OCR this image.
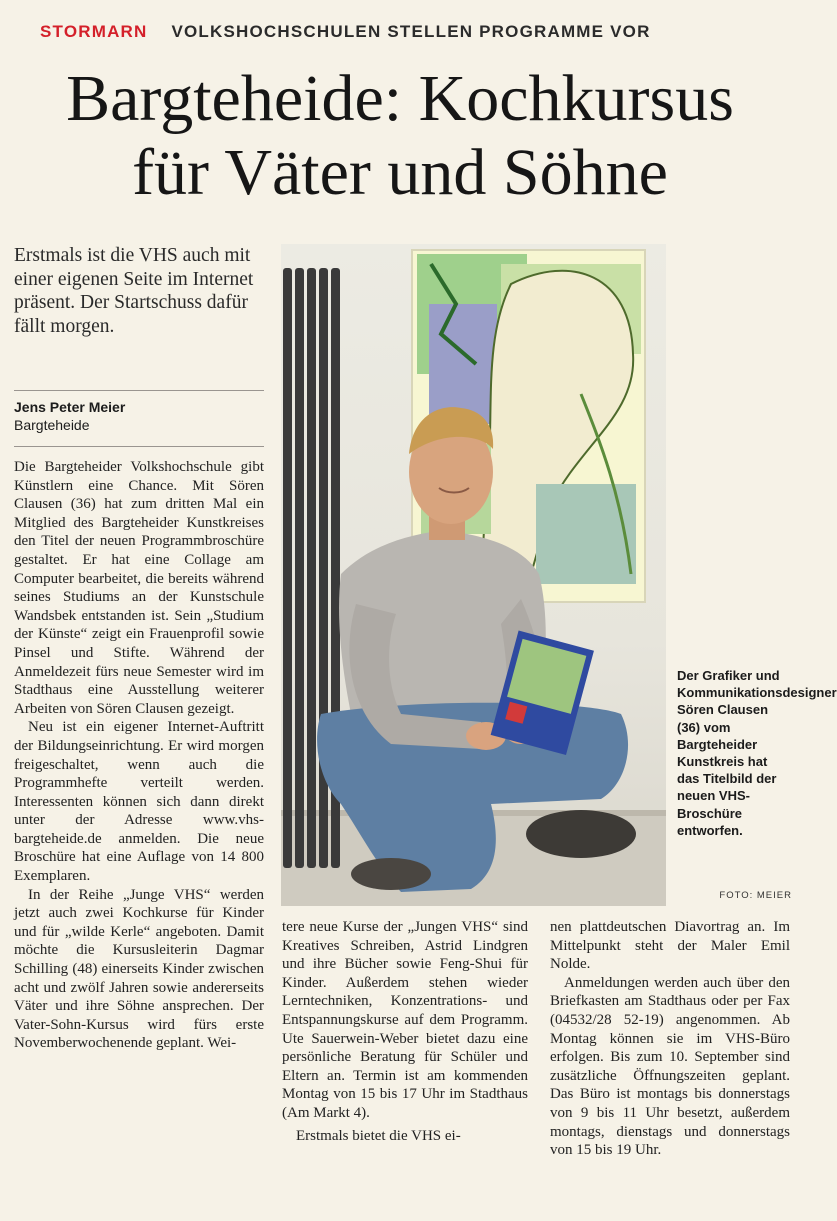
STORMARN VOLKSHOCHSCHULEN STELLEN PROGRAMME VOR
Bargteheide: Kochkursus
für Väter und Söhne
Erstmals ist die VHS auch mit einer eigenen Seite im Internet präsent. Der Startschuss dafür fällt morgen.
Jens Peter Meier
Bargteheide

Die Bargteheider Volkshochschule gibt Künstlern eine Chance. Mit Sören Clausen (36) hat zum dritten Mal ein Mitglied des Bargteheider Kunstkreises den Titel der neuen Programmbroschüre gestaltet. Er hat eine Collage am Computer bearbeitet, die bereits während seines Studiums an der Kunstschule Wandsbek entstanden ist. Sein „Studium der Künste“ zeigt ein Frauenprofil sowie Pinsel und Stifte. Während der Anmeldezeit fürs neue Semester wird im Stadthaus eine Ausstellung weiterer Arbeiten von Sören Clausen gezeigt.

Neu ist ein eigener Internet-Auftritt der Bildungseinrichtung. Er wird morgen freigeschaltet, wenn auch die Programmhefte verteilt werden. Interessenten können sich dann direkt unter der Adresse www.vhs-bargteheide.de anmelden. Die neue Broschüre hat eine Auflage von 14 800 Exemplaren.

In der Reihe „Junge VHS“ werden jetzt auch zwei Kochkurse für Kinder und für „wilde Kerle“ angeboten. Damit möchte die Kursusleiterin Dagmar Schilling (48) einerseits Kinder zwischen acht und zwölf Jahren sowie andererseits Väter und ihre Söhne ansprechen. Der Vater-Sohn-Kursus wird fürs erste Novemberwochenende geplant. Wei-

tere neue Kurse der „Jungen VHS“ sind Kreatives Schreiben, Astrid Lindgren und ihre Bücher sowie Feng-Shui für Kinder. Außerdem stehen wieder Lerntechniken, Konzentrations- und Entspannungskurse auf dem Programm. Ute Sauerwein-Weber bietet dazu eine persönliche Beratung für Schüler und Eltern an. Termin ist am kommenden Montag von 15 bis 17 Uhr im Stadthaus (Am Markt 4).

Erstmals bietet die VHS ei-

nen plattdeutschen Diavortrag an. Im Mittelpunkt steht der Maler Emil Nolde.

Anmeldungen werden auch über den Briefkasten am Stadthaus oder per Fax (04532/28 52-19) angenommen. Ab Montag können sie im VHS-Büro erfolgen. Bis zum 10. September sind zusätzliche Öffnungszeiten geplant. Das Büro ist montags bis donnerstags von 9 bis 11 Uhr besetzt, außerdem montags, dienstags und donnerstags von 15 bis 19 Uhr.

Der Grafiker und Kommunikationsdesigner Sören Clausen (36) vom Bargteheider Kunstkreis hat das Titelbild der neuen VHS-Broschüre entworfen.
FOTO: MEIER
